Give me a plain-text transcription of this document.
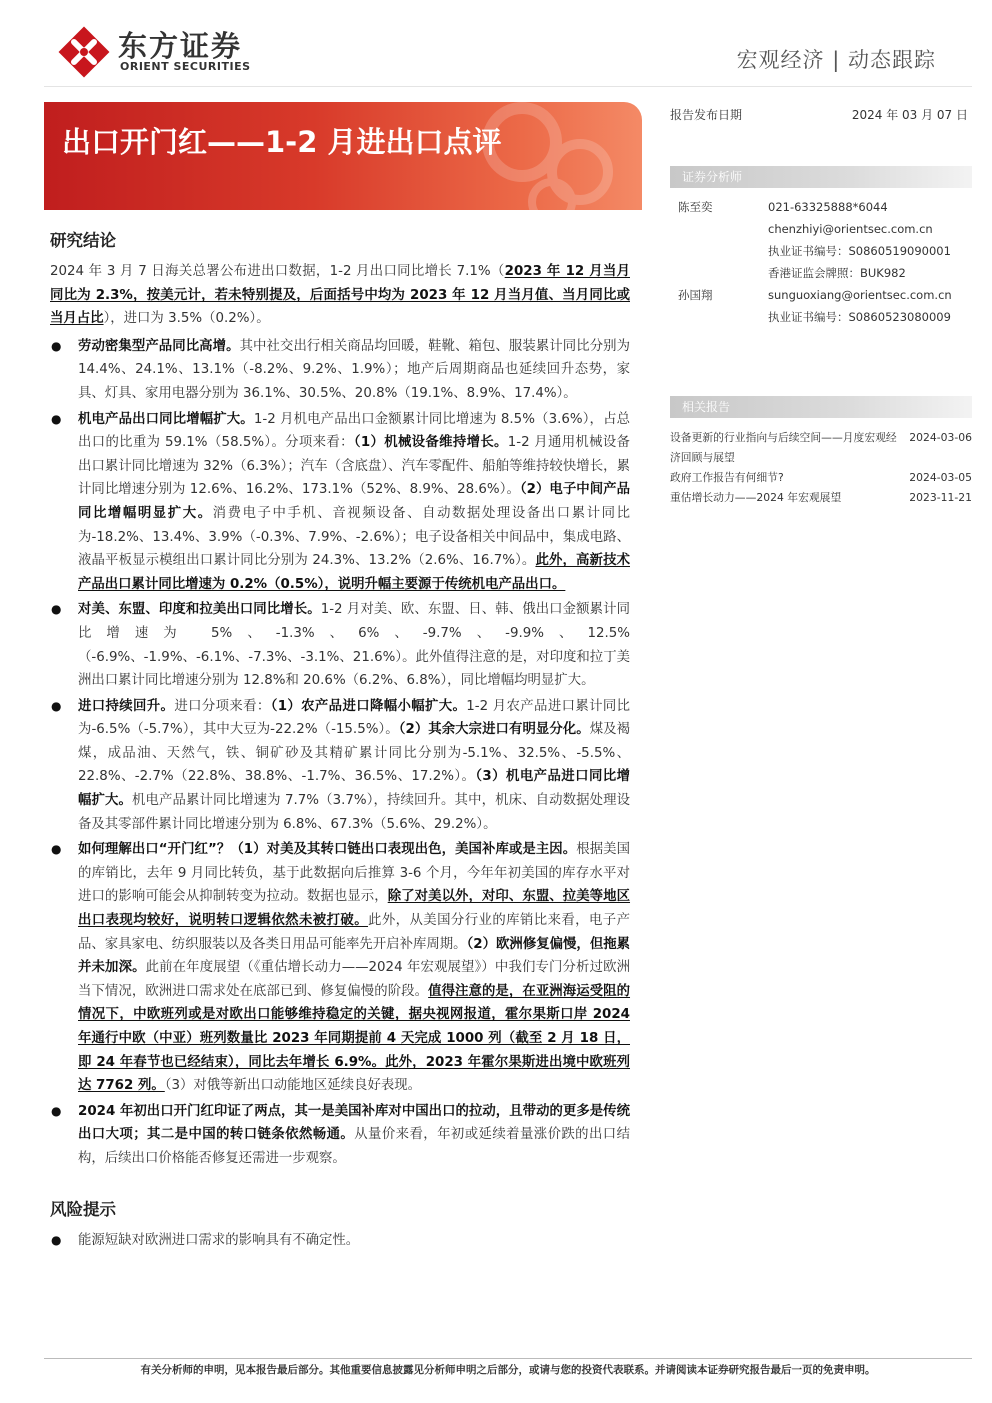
东方证券
ORIENT SECURITIES	宏观经济 | 动态跟踪
出口开门红——1-2 月进出口点评
报告发布日期	2024 年 03 月 07 日
证券分析师
陈至奕	021-63325888*6044
chenzhiyi@orientsec.com.cn
执业证书编号：S0860519090001
香港证监会牌照：BUK982
孙国翔	sunguoxiang@orientsec.com.cn
执业证书编号：S0860523080009
相关报告
设备更新的行业指向与后续空间——月度宏观经济回顾与展望
2024-03-06
政府工作报告有何细节?	2024-03-05
重估增长动力——2024 年宏观展望	2023-11-21
研究结论

2024 年 3 月 7 日海关总署公布进出口数据，1-2 月出口同比增长 7.1%（2023 年 12 月当月同比为 2.3%，按美元计，若未特别提及，后面括号中均为 2023 年 12 月当月值、当月同比或当月占比），进口为 3.5%（0.2%）。

● 劳动密集型产品同比高增。其中社交出行相关商品均回暖，鞋靴、箱包、服装累计同比分别为 14.4%、24.1%、13.1%（-8.2%、9.2%、1.9%）；地产后周期商品也延续回升态势，家具、灯具、家用电器分别为 36.1%、30.5%、20.8%（19.1%、8.9%、17.4%）。
● 机电产品出口同比增幅扩大。1-2 月机电产品出口金额累计同比增速为 8.5%（3.6%），占总出口的比重为 59.1%（58.5%）。分项来看：（1）机械设备维持增长。1-2 月通用机械设备出口累计同比增速为 32%（6.3%）；汽车（含底盘）、汽车零配件、船舶等维持较快增长，累计同比增速分别为 12.6%、16.2%、173.1%（52%、8.9%、28.6%）。（2）电子中间产品同比增幅明显扩大。消费电子中手机、音视频设备、自动数据处理设备出口累计同比为-18.2%、13.4%、3.9%（-0.3%、7.9%、-2.6%）；电子设备相关中间品中，集成电路、液晶平板显示模组出口累计同比分别为 24.3%、13.2%（2.6%、16.7%）。此外，高新技术产品出口累计同比增速为 0.2%（0.5%），说明升幅主要源于传统机电产品出口。
● 对美、东盟、印度和拉美出口同比增长。1-2 月对美、欧、东盟、日、韩、俄出口金额累计同比增速为 5%、-1.3%、6%、-9.7%、-9.9%、12.5%（-6.9%、-1.9%、-6.1%、-7.3%、-3.1%、21.6%）。此外值得注意的是，对印度和拉丁美洲出口累计同比增速分别为 12.8%和 20.6%（6.2%、6.8%），同比增幅均明显扩大。
● 进口持续回升。进口分项来看：（1）农产品进口降幅小幅扩大。1-2 月农产品进口累计同比为-6.5%（-5.7%），其中大豆为-22.2%（-15.5%）。（2）其余大宗进口有明显分化。煤及褐煤，成品油、天然气，铁、铜矿砂及其精矿累计同比分别为-5.1%、32.5%、-5.5%、22.8%、-2.7%（22.8%、38.8%、-1.7%、36.5%、17.2%）。（3）机电产品进口同比增幅扩大。机电产品累计同比增速为 7.7%（3.7%），持续回升。其中，机床、自动数据处理设备及其零部件累计同比增速分别为 6.8%、67.3%（5.6%、29.2%）。
● 如何理解出口“开门红”？（1）对美及其转口链出口表现出色，美国补库或是主因。根据美国的库销比，去年 9 月同比转负，基于此数据向后推算 3-6 个月，今年年初美国的库存水平对进口的影响可能会从抑制转变为拉动。数据也显示，除了对美以外，对印、东盟、拉美等地区出口表现均较好，说明转口逻辑依然未被打破。此外，从美国分行业的库销比来看，电子产品、家具家电、纺织服装以及各类日用品可能率先开启补库周期。（2）欧洲修复偏慢，但拖累并未加深。此前在年度展望（《重估增长动力——2024 年宏观展望》）中我们专门分析过欧洲当下情况，欧洲进口需求处在底部已到、修复偏慢的阶段。值得注意的是，在亚洲海运受阻的情况下，中欧班列或是对欧出口能够维持稳定的关键，据央视网报道，霍尔果斯口岸 2024 年通行中欧（中亚）班列数量比 2023 年同期提前 4 天完成 1000 列（截至 2 月 18 日，即 24 年春节也已经结束），同比去年增长 6.9%。此外，2023 年霍尔果斯进出境中欧班列达 7762 列。（3）对俄等新出口动能地区延续良好表现。
● 2024 年初出口开门红印证了两点，其一是美国补库对中国出口的拉动，且带动的更多是传统出口大项；其二是中国的转口链条依然畅通。从量价来看，年初或延续着量涨价跌的出口结构，后续出口价格能否修复还需进一步观察。
风险提示
● 能源短缺对欧洲进口需求的影响具有不确定性。
有关分析师的申明，见本报告最后部分。其他重要信息披露见分析师申明之后部分，或请与您的投资代表联系。并请阅读本证券研究报告最后一页的免责申明。
